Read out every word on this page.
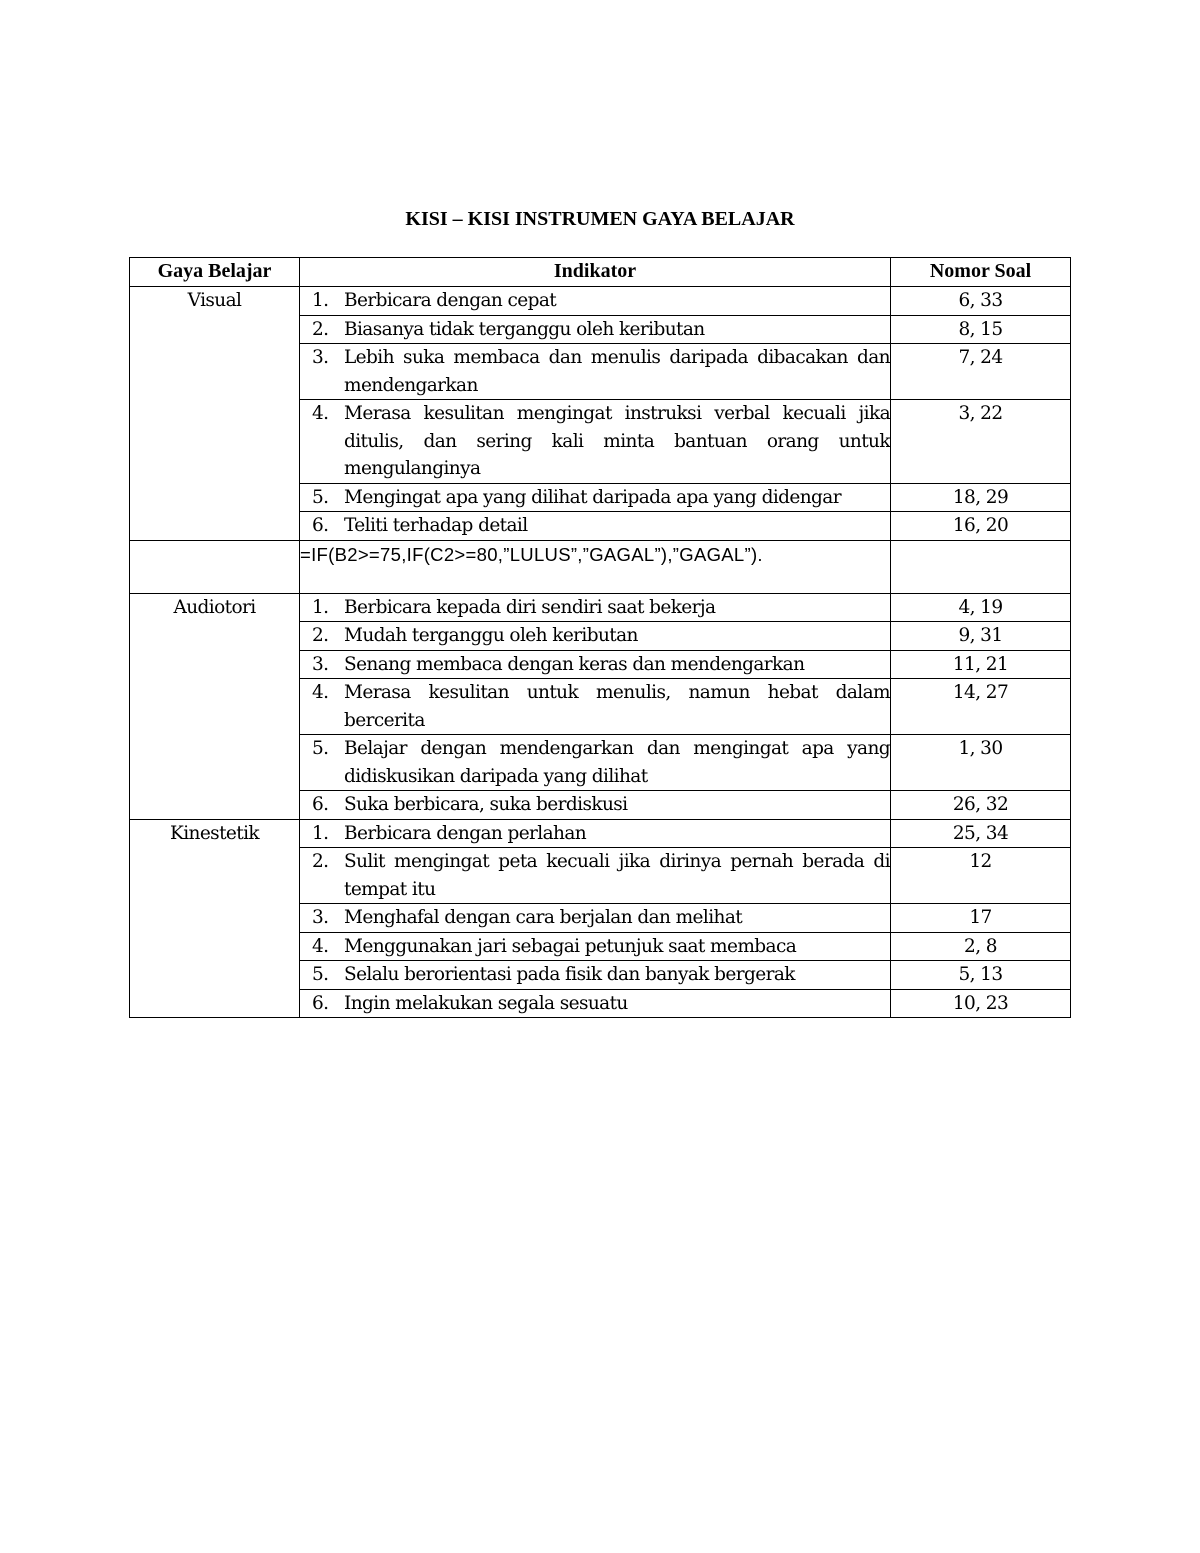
KISI – KISI INSTRUMEN GAYA BELAJAR
Gaya Belajar	Indikator	Nomor Soal
Visual	1. Berbicara dengan cepat	6, 33

	2. Biasanya tidak terganggu oleh keributan	8, 15

	3. Lebih suka membaca dan menulis daripada dibacakan dan mendengarkan	7, 24

	4. Merasa kesulitan mengingat instruksi verbal kecuali jika ditulis, dan sering kali minta bantuan orang untuk mengulanginya	3, 22

	5. Mengingat apa yang dilihat daripada apa yang didengar	18, 29

	6. Teliti terhadap detail	16, 20
	=IF(B2>=75,IF(C2>=80,”LULUS”,”GAGAL”),”GAGAL”).	
Audiotori	1. Berbicara kepada diri sendiri saat bekerja	4, 19

	2. Mudah terganggu oleh keributan	9, 31

	3. Senang membaca dengan keras dan mendengarkan	11, 21

	4. Merasa kesulitan untuk menulis, namun hebat dalam bercerita	14, 27

	5. Belajar dengan mendengarkan dan mengingat apa yang didiskusikan daripada yang dilihat	1, 30

	6. Suka berbicara, suka berdiskusi	26, 32
Kinestetik	1. Berbicara dengan perlahan	25, 34

	2. Sulit mengingat peta kecuali jika dirinya pernah berada di tempat itu	12

	3. Menghafal dengan cara berjalan dan melihat	17

	4. Menggunakan jari sebagai petunjuk saat membaca	2, 8

	5. Selalu berorientasi pada fisik dan banyak bergerak	5, 13

	6. Ingin melakukan segala sesuatu	10, 23
